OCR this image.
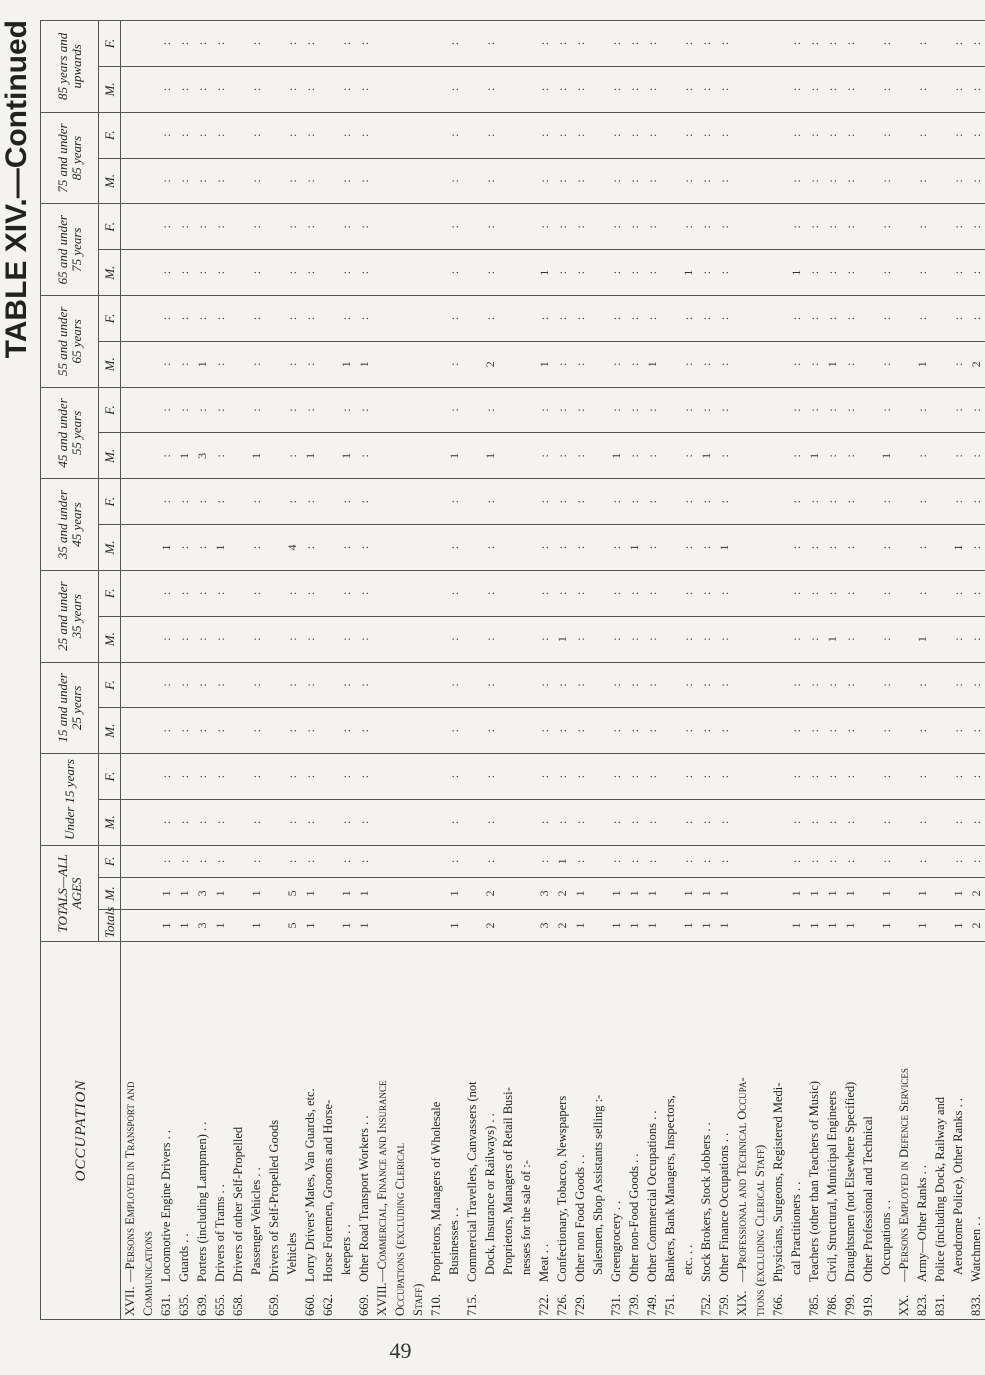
TABLE XIV.—Continued
OCCUPATION	TOTALS—ALL AGES			Under 15 years		15 and under 25 years		25 and under 35 years		35 and under 45 years		45 and under 55 years		55 and under 65 years		65 and under 75 years		75 and under 85 years		85 years and upwards	
	Totals	M.	F.	M.	F.	M.	F.	M.	F.	M.	F.	M.	F.	M.	F.	M.	F.	M.	F.	M.	F.
XVII.—Persons Employed in Transport and																					
Communications																					
631.Locomotive Engine Drivers . .	1	1	:	:	:	:	:	:	:	1	:	:	:	:	:	:	:	:	:	:	:
635.Guards . .	1	1	:	:	:	:	:	:	:	:	:	1	:	:	:	:	:	:	:	:	:
639.Porters (including Lampmen) . .	3	3	:	:	:	:	:	:	:	:	:	3	:	1	:	:	:	:	:	:	:
655.Drivers of Trams . .	1	1	:	:	:	:	:	:	:	1	:	:	:	:	:	:	:	:	:	:	:
658.Drivers of other Self-Propelled																					
Passenger Vehicles . .	1	1	:	:	:	:	:	:	:	:	:	1	:	:	:	:	:	:	:	:	:
659.Drivers of Self-Propelled Goods																					
Vehicles	5	5	:	:	:	:	:	:	:	4	:	:	:	:	:	:	:	:	:	:	:
660.Lorry Drivers' Mates, Van Guards, etc.	1	1	:	:	:	:	:	:	:	:	:	1	:	:	:	:	:	:	:	:	:
662.Horse Foremen, Grooms and Horse-																					
keepers . .	1	1	:	:	:	:	:	:	:	:	:	1	:	1	:	:	:	:	:	:	:
669.Other Road Transport Workers . .	1	1	:	:	:	:	:	:	:	:	:	:	:	1	:	:	:	:	:	:	:
XVIII.—Commercial, Finance and Insurance																					
Occupations (excluding Clerical																					
Staff)																					
710.Proprietors, Managers of Wholesale																					
Businesses . .	1	1	:	:	:	:	:	:	:	:	:	1	:	:	:	:	:	:	:	:	:
715.Commercial Travellers, Canvassers (not																					
Dock, Insurance or Railways) . .	2	2	:	:	:	:	:	:	:	:	:	1	:	2	:	:	:	:	:	:	:
Proprietors, Managers of Retail Busi-																					
nesses for the sale of :-																					
722.Meat . .	3	3	:	:	:	:	:	:	:	:	:	:	:	1	:	1	:	:	:	:	:
726.Confectionary, Tobacco, Newspapers	2	2	1	:	:	:	:	1	:	:	:	:	:	:	:	:	:	:	:	:	:
729.Other non Food Goods . .	1	1	:	:	:	:	:	:	:	:	:	:	:	:	:	:	:	:	:	:	:
Salesmen, Shop Assistants selling :-																					
731.Greengrocery . .	1	1	:	:	:	:	:	:	:	:	:	1	:	:	:	:	:	:	:	:	:
739.Other non-Food Goods . .	1	1	:	:	:	:	:	:	:	1	:	:	:	:	:	:	:	:	:	:	:
749.Other Commercial Occupations . .	1	1	:	:	:	:	:	:	:	:	:	:	:	1	:	:	:	:	:	:	:
751.Bankers, Bank Managers, Inspectors,																					
etc. . .	1	1	:	:	:	:	:	:	:	:	:	:	:	:	:	1	:	:	:	:	:
752.Stock Brokers, Stock Jobbers . .	1	1	:	:	:	:	:	:	:	:	:	1	:	:	:	:	:	:	:	:	:
759.Other Finance Occupations . .	1	1	:	:	:	:	:	:	:	1	:	:	:	:	:	:	:	:	:	:	:
XIX.—Professional and Technical Occupa-																					
tions (excluding Clerical Staff)																					
766.Physicians, Surgeons, Registered Medi-																					
cal Practitioners . .	1	1	:	:	:	:	:	:	:	:	:	:	:	:	:	1	:	:	:	:	:
785.Teachers (other than Teachers of Music)	1	1	:	:	:	:	:	:	:	:	:	1	:	:	:	:	:	:	:	:	:
786.Civil, Structural, Municipal Engineers	1	1	:	:	:	:	:	1	:	:	:	:	:	1	:	:	:	:	:	:	:
799.Draughtsmen (not Elsewhere Specified)	1	1	:	:	:	:	:	:	:	:	:	:	:	:	:	:	:	:	:	:	:
919.Other Professional and Technical																					
Occupations . .	1	1	:	:	:	:	:	:	:	:	:	1	:	:	:	:	:	:	:	:	:
XX.—Persons Employed in Defence Services																					
823.Army—Other Ranks . .	1	1	:	:	:	:	:	1	:	:	:	:	:	1	:	:	:	:	:	:	:
831.Police (including Dock, Railway and																					
Aerodrome Police), Other Ranks . .	1	1	:	:	:	:	:	:	:	1	:	:	:	:	:	:	:	:	:	:	:
833.Watchmen . .	2	2	:	:	:	:	:	:	:	:	:	:	:	2	:	:	:	:	:	:	:

49
